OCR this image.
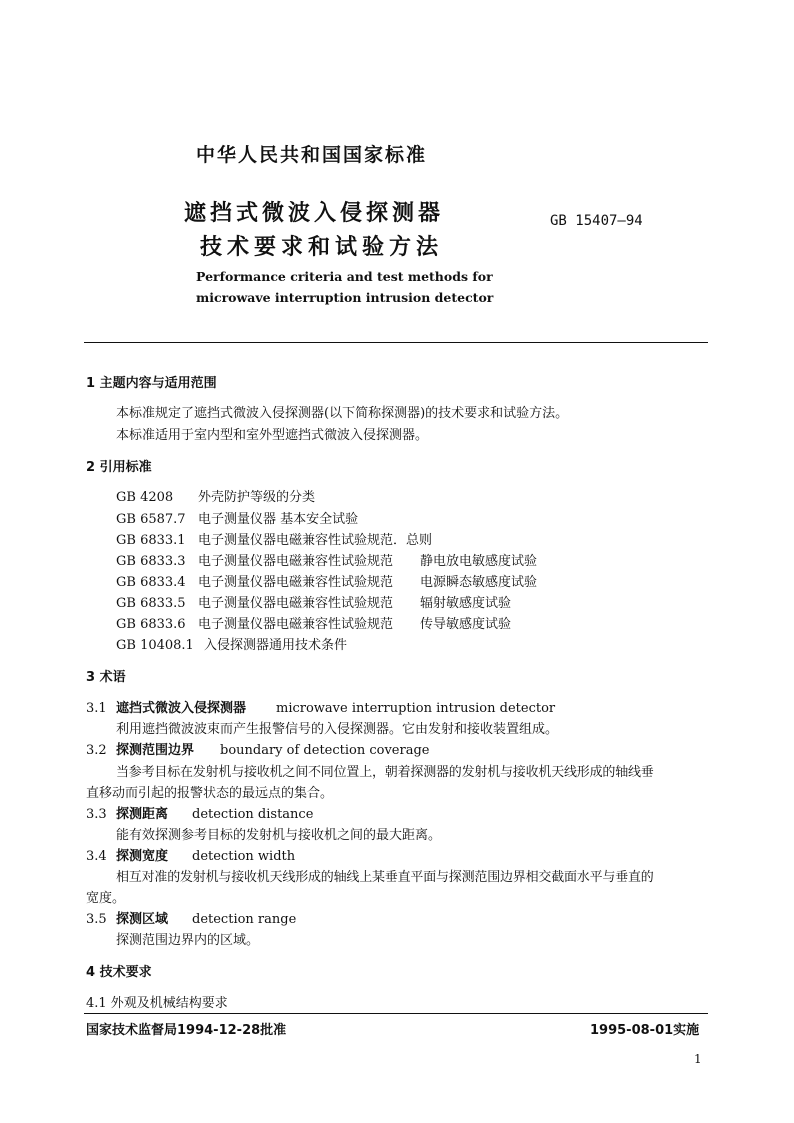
中华人民共和国国家标准
遮挡式微波入侵探测器
技术要求和试验方法
GB 15407—94
Performance criteria and test methods for
microwave interruption intrusion detector
1 主题内容与适用范围
本标准规定了遮挡式微波入侵探测器(以下简称探测器)的技术要求和试验方法。
本标准适用于室内型和室外型遮挡式微波入侵探测器。
2 引用标准
GB 4208 外壳防护等级的分类
GB 6587.7 电子测量仪器 基本安全试验
GB 6833.1 电子测量仪器电磁兼容性试验规范．总则
GB 6833.3 电子测量仪器电磁兼容性试验规范 静电放电敏感度试验
GB 6833.4 电子测量仪器电磁兼容性试验规范 电源瞬态敏感度试验
GB 6833.5 电子测量仪器电磁兼容性试验规范 辐射敏感度试验
GB 6833.6 电子测量仪器电磁兼容性试验规范 传导敏感度试验
GB 10408.1 入侵探测器通用技术条件
3 术语
3.1 遮挡式微波入侵探测器 microwave interruption intrusion detector
利用遮挡微波波束而产生报警信号的入侵探测器。它由发射和接收装置组成。
3.2 探测范围边界 boundary of detection coverage
当参考目标在发射机与接收机之间不同位置上，朝着探测器的发射机与接收机天线形成的轴线垂
直移动而引起的报警状态的最远点的集合。
3.3 探测距离 detection distance
能有效探测参考目标的发射机与接收机之间的最大距离。
3.4 探测宽度 detection width
相互对准的发射机与接收机天线形成的轴线上某垂直平面与探测范围边界相交截面水平与垂直的
宽度。
3.5 探测区域 detection range
探测范围边界内的区域。
4 技术要求
4.1 外观及机械结构要求
国家技术监督局1994-12-28批准	1995-08-01实施
1
